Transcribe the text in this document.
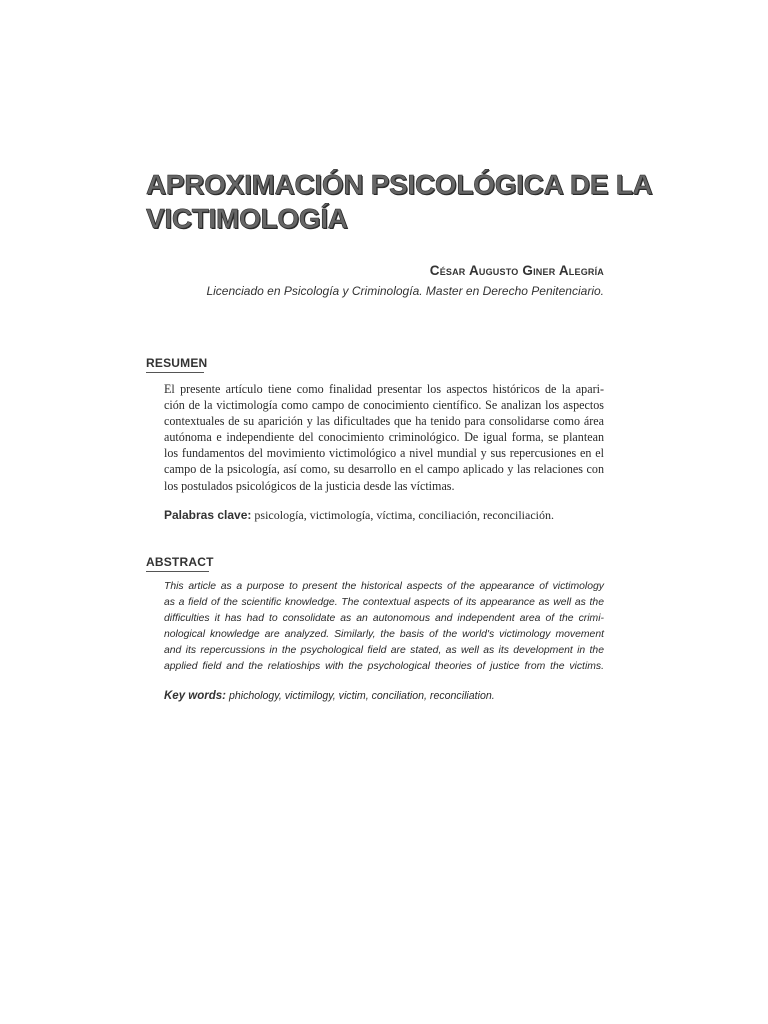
APROXIMACIÓN PSICOLÓGICA DE LA
VICTIMOLOGÍA
César Augusto Giner Alegría
Licenciado en Psicología y Criminología. Master en Derecho Penitenciario.
RESUMEN

El presente artículo tiene como finalidad presentar los aspectos históricos de la apari-
ción de la victimología como campo de conocimiento científico. Se analizan los aspectos
contextuales de su aparición y las dificultades que ha tenido para consolidarse como área
autónoma e independiente del conocimiento criminológico. De igual forma, se plantean
los fundamentos del movimiento victimológico a nivel mundial y sus repercusiones en el
campo de la psicología, así como, su desarrollo en el campo aplicado y las relaciones con
los postulados psicológicos de la justicia desde las víctimas.

Palabras clave: psicología, victimología, víctima, conciliación, reconciliación.

ABSTRACT

This article as a purpose to present the historical aspects of the appearance of victimology
as a field of the scientific knowledge. The contextual aspects of its appearance as well as the
difficulties it has had to consolidate as an autonomous and independent area of the crimi-
nological knowledge are analyzed. Similarly, the basis of the world's victimology movement
and its repercussions in the psychological field are stated, as well as its development in the
applied field and the relatioships with the psychological theories of justice from the victims.

Key words: phichology, victimilogy, victim, conciliation, reconciliation.
